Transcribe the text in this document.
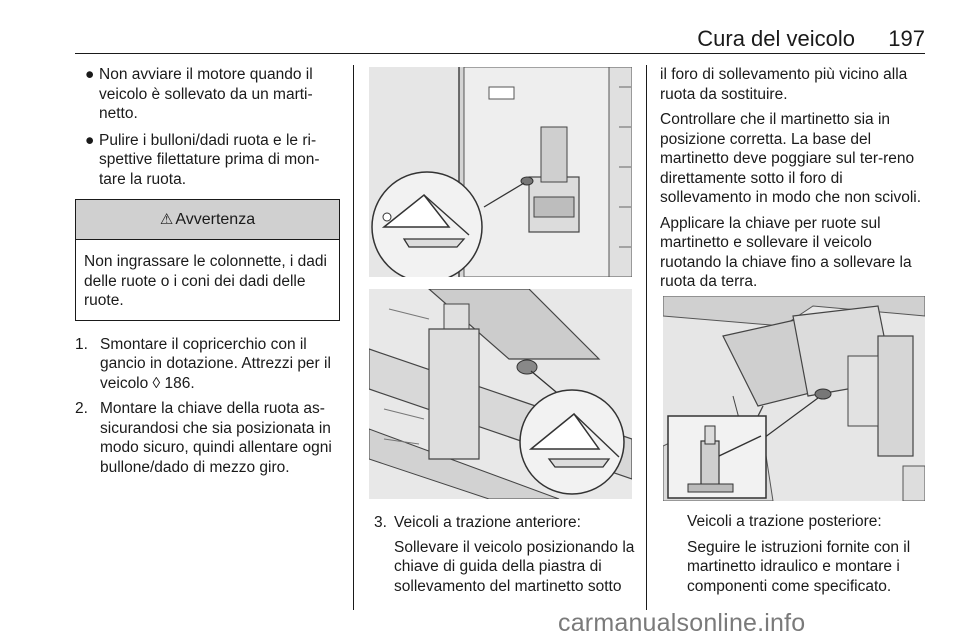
Cura del veicolo 197
● Non avviare il motore quando il veicolo è sollevato da un marti-netto.
● Pulire i bulloni/dadi ruota e le ri-spettive filettature prima di mon-tare la ruota.
⚠ Avvertenza
Non ingrassare le colonnette, i dadi delle ruote o i coni dei dadi delle ruote.
1. Smontare il copricerchio con il gancio in dotazione. Attrezzi per il veicolo ◊ 186.
2. Montare la chiave della ruota as-sicurandosi che sia posizionata in modo sicuro, quindi allentare ogni bullone/dado di mezzo giro.
3. Veicoli a trazione anteriore:
Sollevare il veicolo posizionando la chiave di guida della piastra di sollevamento del martinetto sotto

il foro di sollevamento più vicino alla ruota da sostituire.

Controllare che il martinetto sia in posizione corretta. La base del martinetto deve poggiare sul ter-reno direttamente sotto il foro di sollevamento in modo che non scivoli.

Applicare la chiave per ruote sul martinetto e sollevare il veicolo ruotando la chiave fino a sollevare la ruota da terra.

Veicoli a trazione posteriore:

Seguire le istruzioni fornite con il martinetto idraulico e montare i componenti come specificato.

carmanualsonline.info
